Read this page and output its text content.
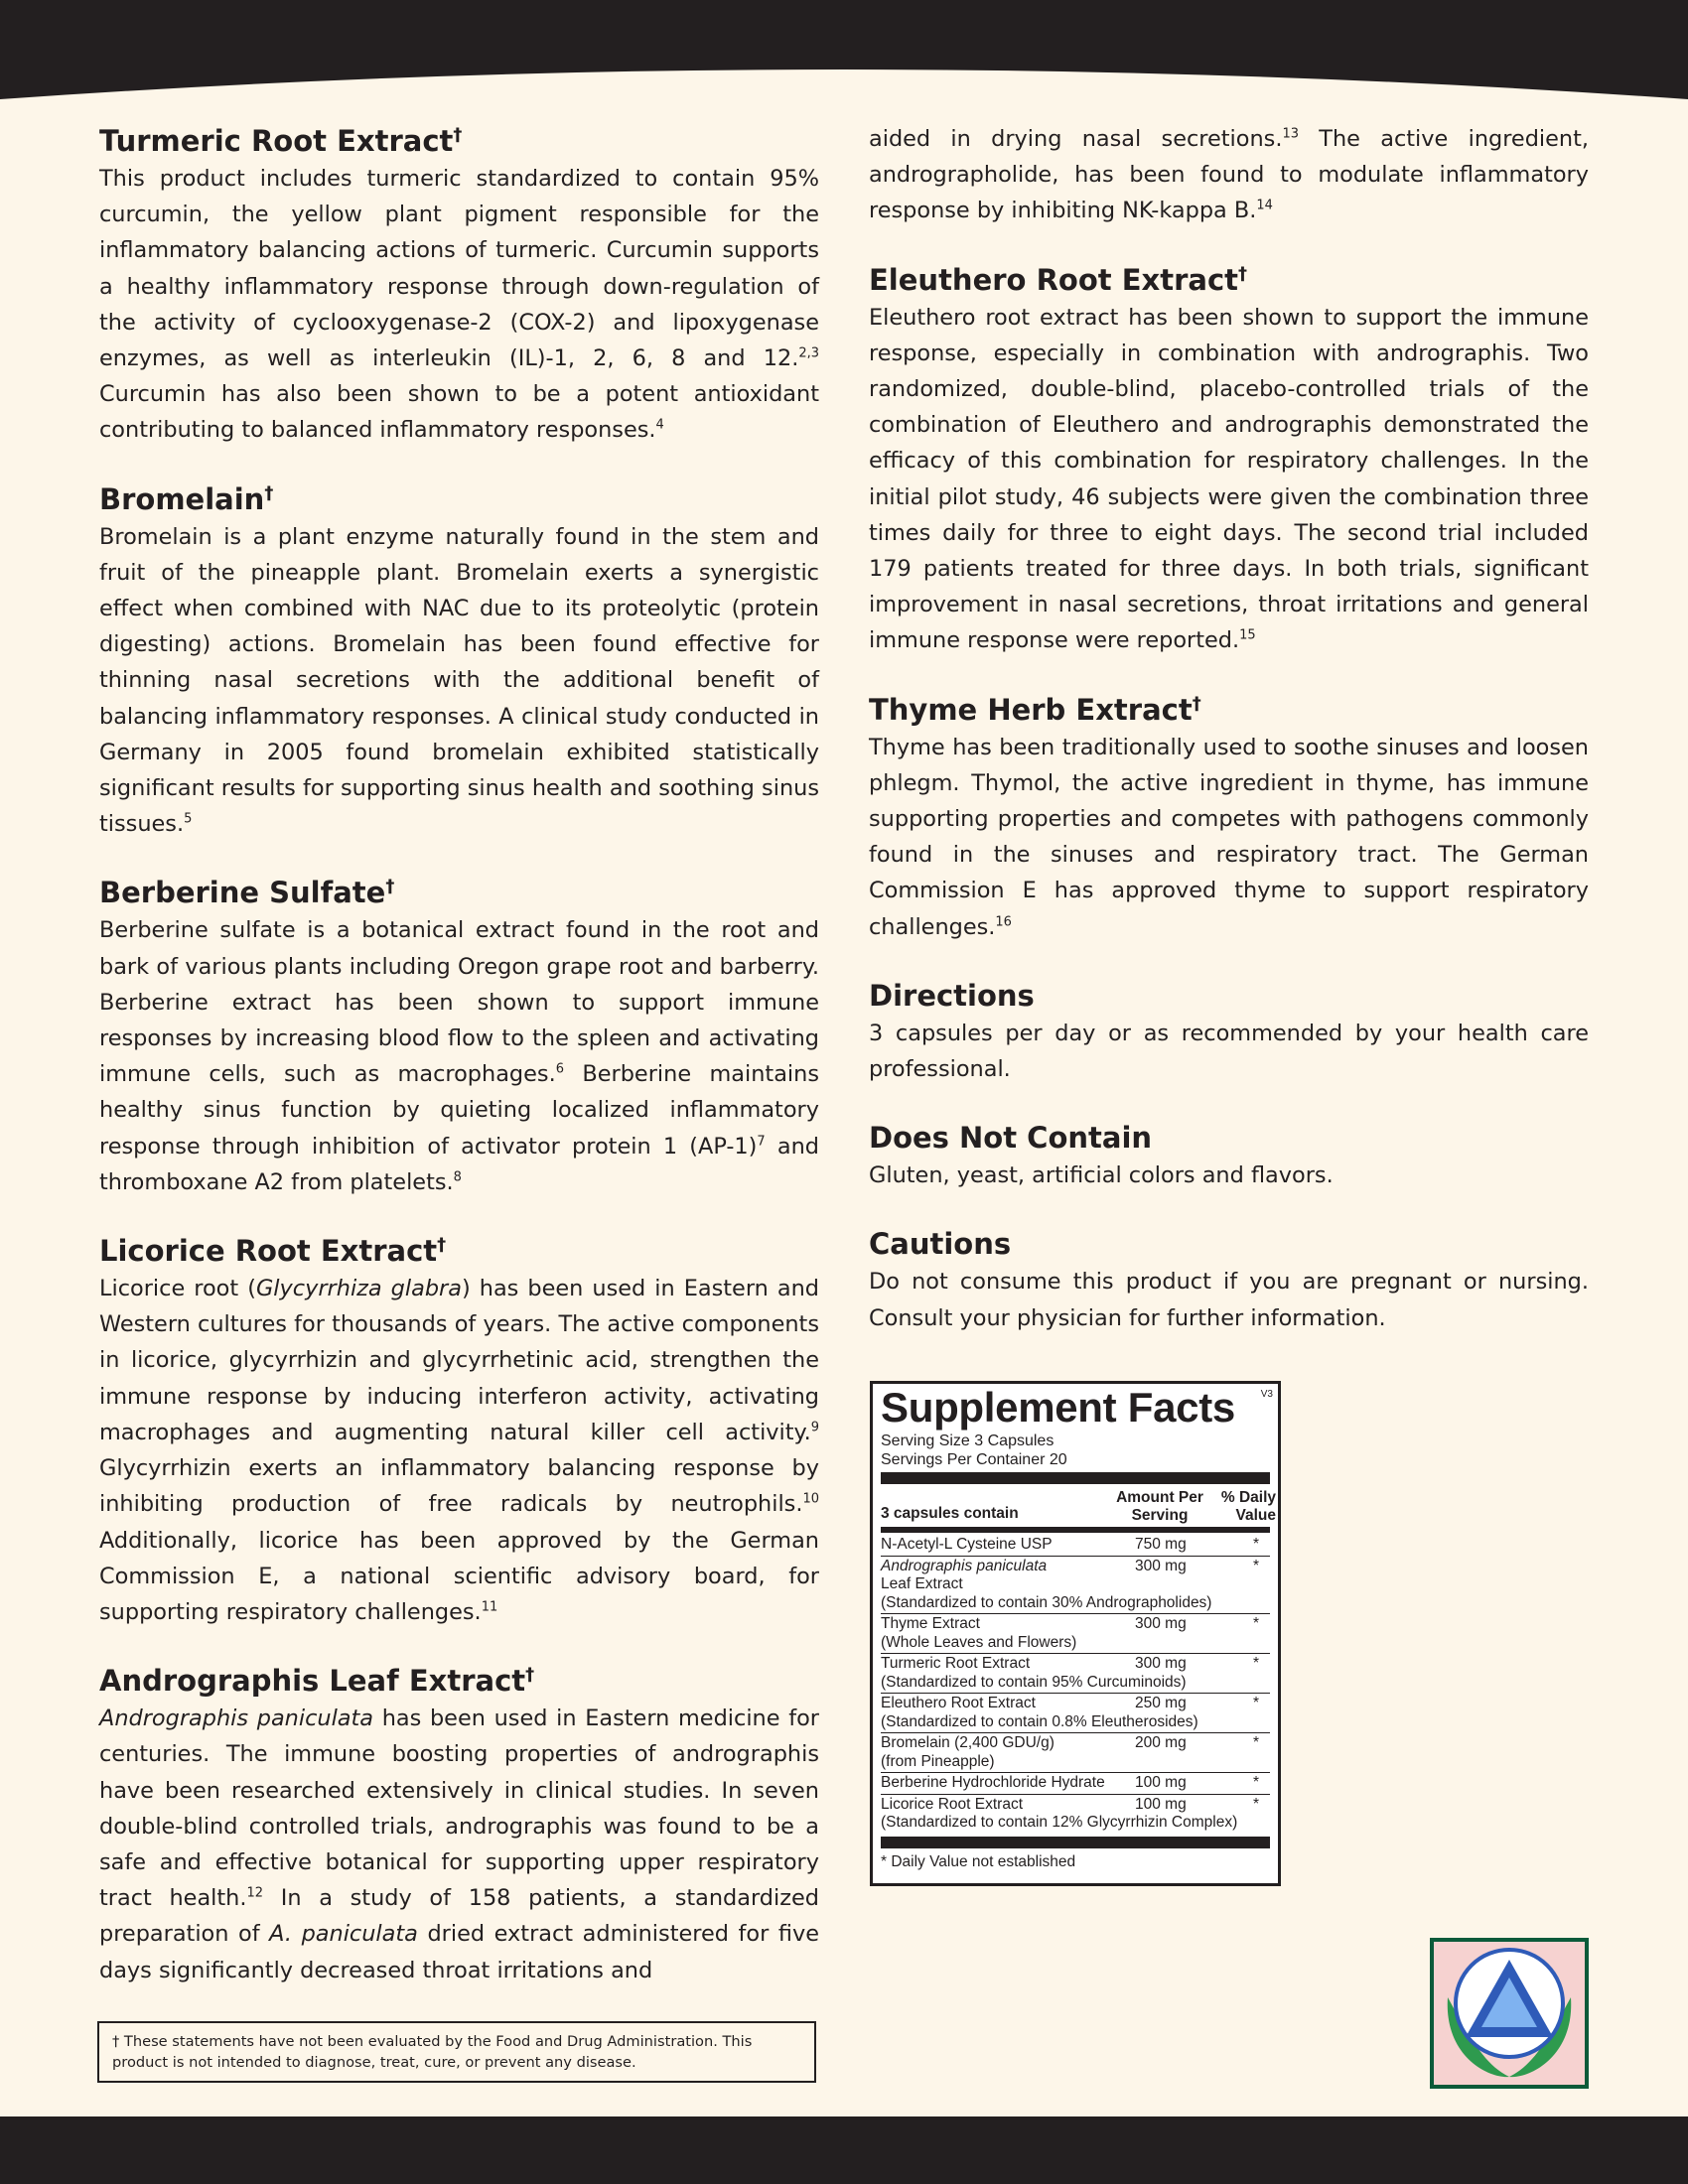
Turmeric Root Extract†

This product includes turmeric standardized to contain 95% curcumin, the yellow plant pigment responsible for the inflammatory balancing actions of turmeric. Curcumin supports a healthy inflammatory response through down-regulation of the activity of cyclooxygenase-2 (COX-2) and lipoxygenase enzymes, as well as interleukin (IL)-1, 2, 6, 8 and 12.$^{2,3}$ Curcumin has also been shown to be a potent antioxidant contributing to balanced inflammatory responses.$^4$

Bromelain†

Bromelain is a plant enzyme naturally found in the stem and fruit of the pineapple plant. Bromelain exerts a synergistic effect when combined with NAC due to its proteolytic (protein digesting) actions. Bromelain has been found effective for thinning nasal secretions with the additional benefit of balancing inflammatory responses. A clinical study conducted in Germany in 2005 found bromelain exhibited statistically significant results for supporting sinus health and soothing sinus tissues.$^5$

Berberine Sulfate†

Berberine sulfate is a botanical extract found in the root and bark of various plants including Oregon grape root and barberry. Berberine extract has been shown to support immune responses by increasing blood flow to the spleen and activating immune cells, such as macrophages.$^6$ Berberine maintains healthy sinus function by quieting localized inflammatory response through inhibition of activator protein 1 $(AP-1)^7$ and thromboxane A2 from platelets.$^8$

Licorice Root Extract†

Licorice root (Glycyrrhiza glabra) has been used in Eastern and Western cultures for thousands of years. The active components in licorice, glycyrrhizin and glycyrrhetinic acid, strengthen the immune response by inducing interferon activity, activating macrophages and augmenting natural killer cell activity.$^9$ Glycyrrhizin exerts an inflammatory balancing response by inhibiting production of free radicals by neutrophils.$^{10}$ Additionally, licorice has been approved by the German Commission E, a national scientific advisory board, for supporting respiratory challenges.$^{11}$

Andrographis Leaf Extract†

Andrographis paniculata has been used in Eastern medicine for centuries. The immune boosting properties of andrographis have been researched extensively in clinical studies. In seven double-blind controlled trials, andrographis was found to be a safe and effective botanical for supporting upper respiratory tract health.$^{12}$ In a study of 158 patients, a standardized preparation of A. paniculata dried extract administered for five days significantly decreased throat irritations and

aided in drying nasal secretions.$^{13}$ The active ingredient, andrographolide, has been found to modulate inflammatory response by inhibiting NK-kappa B.$^{14}$

Eleuthero Root Extract†

Eleuthero root extract has been shown to support the immune response, especially in combination with andrographis. Two randomized, double-blind, placebo-controlled trials of the combination of Eleuthero and andrographis demonstrated the efficacy of this combination for respiratory challenges. In the initial pilot study, 46 subjects were given the combination three times daily for three to eight days. The second trial included 179 patients treated for three days. In both trials, significant improvement in nasal secretions, throat irritations and general immune response were reported.$^{15}$

Thyme Herb Extract†

Thyme has been traditionally used to soothe sinuses and loosen phlegm. Thymol, the active ingredient in thyme, has immune supporting properties and competes with pathogens commonly found in the sinuses and respiratory tract. The German Commission E has approved thyme to support respiratory challenges.$^{16}$

Directions

3 capsules per day or as recommended by your health care professional.

Does Not Contain

Gluten, yeast, artificial colors and flavors.

Cautions

Do not consume this product if you are pregnant or nursing. Consult your physician for further information.

† These statements have not been evaluated by the Food and Drug Administration. This product is not intended to diagnose, treat, cure, or prevent any disease.
V3
Supplement Facts
Serving Size 3 Capsules
Servings Per Container 20
3 capsules contain
Amount Per Serving
% Daily Value
N-Acetyl-L Cysteine USP	750 mg	*
Andrographis paniculata	300 mg	*
Leaf Extract
(Standardized to contain 30% Andrographolides)
Thyme Extract	300 mg	*
(Whole Leaves and Flowers)
Turmeric Root Extract	300 mg	*
(Standardized to contain 95% Curcuminoids)
Eleuthero Root Extract	250 mg	*
(Standardized to contain 0.8% Eleutherosides)
Bromelain (2,400 GDU/g)	200 mg	*
(from Pineapple)
Berberine Hydrochloride Hydrate	100 mg	*
Licorice Root Extract	100 mg	*
(Standardized to contain 12% Glycyrrhizin Complex)
* Daily Value not established
